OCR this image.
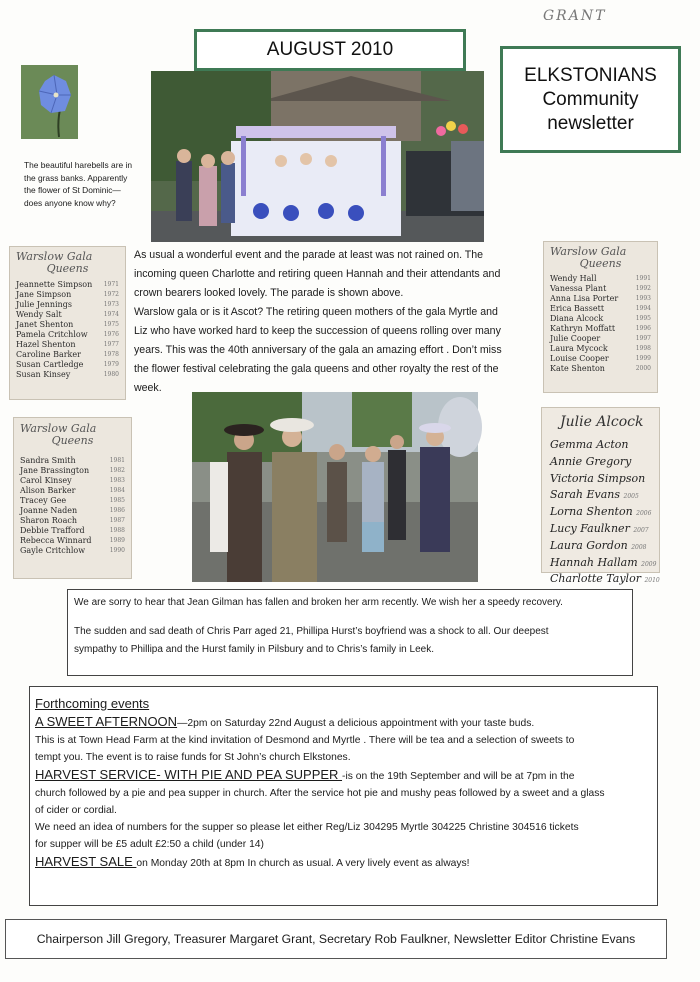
GRANT
AUGUST 2010
ELKSTONIANS
Community
newsletter
The beautiful harebells are in
the grass banks. Apparently
the flower of St Dominic—
does anyone know why?
Warslow Gala
Queens
Jeannette Simpson 1971
Jane Simpson	1972
Julie Jennings	1973
Wendy Salt	1974
Janet Shenton	1975
Pamela Critchlow	1976
Hazel Shenton	1977
Caroline Barker	1978
Susan Cartledge	1979
Susan Kinsey	1980
Warslow Gala
Queens
Sandra Smith	1981
Jane Brassington	1982
Carol Kinsey	1983
Alison Barker	1984
Tracey Gee	1985
Joanne Naden	1986
Sharon Roach	1987
Debbie Trafford	1988
Rebecca Winnard	1989
Gayle Critchlow	1990
Warslow Gala
Queens
Wendy Hall	1991
Vanessa Plant	1992
Anna Lisa Porter	1993
Erica Bassett	1994
Diana Alcock	1995
Kathryn Moffatt	1996
Julie Cooper	1997
Laura Mycock	1998
Louise Cooper	1999
Kate Shenton	2000
Julie Alcock
Gemma Acton
Annie Gregory
Victoria Simpson
Sarah Evans 2005
Lorna Shenton 2006
Lucy Faulkner 2007
Laura Gordon 2008
Hannah Hallam 2009
Charlotte Taylor 2010
As usual a wonderful event and the parade at least was not rained on. The
incoming queen Charlotte and retiring queen Hannah and their attendants and
crown bearers looked lovely. The parade is shown above.
Warslow gala or is it Ascot? The retiring queen mothers of the gala Myrtle and
Liz who have worked hard to keep the succession of queens rolling over many
years. This was the 40th anniversary of the gala an amazing effort . Don’t miss
the flower festival celebrating the gala queens and other royalty the rest of the
week.
We are sorry to hear that Jean Gilman has fallen and broken her arm recently. We wish her a speedy recovery.
The sudden and sad death of Chris Parr aged 21, Phillipa Hurst’s boyfriend was a shock to all. Our deepest
sympathy to Phillipa and the Hurst family in Pilsbury and to Chris’s family in Leek.
Forthcoming events
A SWEET AFTERNOON—2pm on Saturday 22nd August a delicious appointment with your taste buds.
This is at Town Head Farm at the kind invitation of Desmond and Myrtle . There will be tea and a selection of sweets to
tempt you. The event is to raise funds for St John’s church Elkstones.
HARVEST SERVICE- WITH PIE AND PEA SUPPER -is on the 19th September and will be at 7pm in the
church followed by a pie and pea supper in church. After the service hot pie and mushy peas followed by a sweet and a glass
of cider or cordial.
We need an idea of numbers for the supper so please let either Reg/Liz 304295 Myrtle 304225 Christine 304516 tickets
for supper will be £5 adult £2:50 a child (under 14)
HARVEST SALE on Monday 20th at 8pm In church as usual. A very lively event as always!
Chairperson Jill Gregory, Treasurer Margaret Grant, Secretary Rob Faulkner, Newsletter Editor Christine Evans
